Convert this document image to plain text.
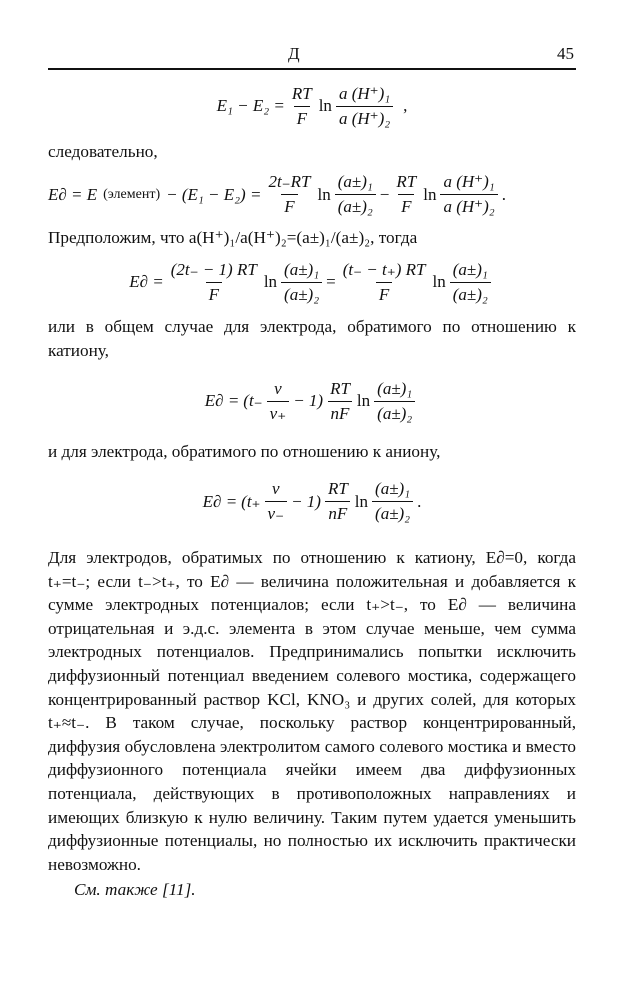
Д	45
$E_1 - E_2 = \frac{RT}{F}$ $\ln \frac{\text{a (H⁺)₁}}{\text{a (H⁺)₂}}$ ,

следовательно,

E∂ = E (элемент) − $(E_1 - E_2) = \frac{2t_-RT}{F}$ $\ln \frac{\text{(a±)₁}}{\text{(a±)₂}} - \frac{RT}{F}$ $\ln \frac{\text{a (H⁺)₁}}{\text{a (H⁺)₂}}$ .

Предположим, что a(H⁺)₁/a(H⁺)₂=(a±)₁/(a±)₂, тогда

$E\partial = \frac{(2t_- - 1) RT}{F}$ $\ln \frac{\text{(a±)₁}}{\text{(a±)₂}} = \frac{(t_- - t_+) RT}{F}$ $\ln \frac{\text{(a±)₁}}{\text{(a±)₂}}$

или в общем случае для электрода, обратимого по отношению к катиону,

$E\partial = (t_- \frac{\nu}{\nu_+} - 1) \frac{RT}{nF}$ $\ln \frac{\text{(a±)₁}}{\text{(a±)₂}}$

и для электрода, обратимого по отношению к аниону,

$E\partial = (t_+ \frac{\nu}{\nu_-} - 1) \frac{RT}{nF}$ $\ln \frac{\text{(a±)₁}}{\text{(a±)₂}}$ .

Для электродов, обратимых по отношению к катиону, E∂=0, когда t₊=t₋; если t₋>t₊, то E∂ — величина положительная и добавляется к сумме электродных потенциалов; если t₊>t₋, то E∂ — величина отрицательная и э.д.с. элемента в этом случае меньше, чем сумма электродных потенциалов. Предпринимались попытки исключить диффузионный потенциал введением солевого мостика, содержащего концентрированный раствор KCl, KNO₃ и других солей, для которых t₊≈t₋. В таком случае, поскольку раствор концентрированный, диффузия обусловлена электролитом самого солевого мостика и вместо диффузионного потенциала ячейки имеем два диффузионных потенциала, действующих в противоположных направлениях и имеющих близкую к нулю величину. Таким путем удается уменьшить диффузионные потенциалы, но полностью их исключить практически невозможно.

См. также [11].
